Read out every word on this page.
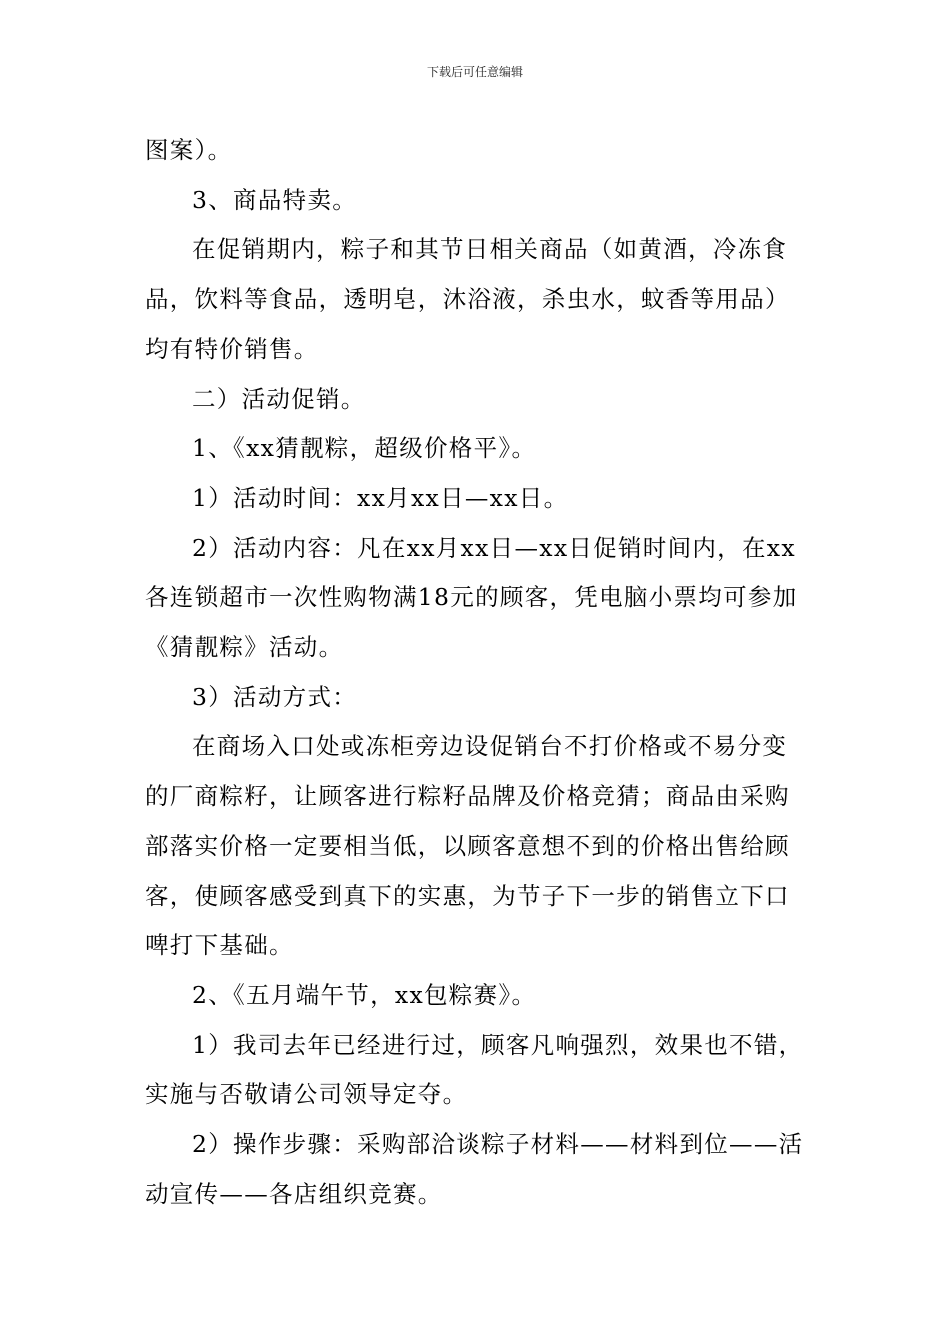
下载后可任意编辑

图案）。

3、商品特卖。

在促销期内，粽子和其节日相关商品（如黄酒，冷冻食品，饮料等食品，透明皂，沐浴液，杀虫水，蚊香等用品）均有特价销售。

二）活动促销。

1、《xx猜靓粽，超级价格平》。

1）活动时间：xx月xx日—xx日。

2）活动内容：凡在xx月xx日—xx日促销时间内，在xx各连锁超市一次性购物满18元的顾客，凭电脑小票均可参加《猜靓粽》活动。

3）活动方式：

在商场入口处或冻柜旁边设促销台不打价格或不易分变的厂商粽籽，让顾客进行粽籽品牌及价格竞猜；商品由采购部落实价格一定要相当低，以顾客意想不到的价格出售给顾客，使顾客感受到真下的实惠，为节子下一步的销售立下口啤打下基础。

2、《五月端午节，xx包粽赛》。

1）我司去年已经进行过，顾客凡响强烈，效果也不错，实施与否敬请公司领导定夺。

2）操作步骤：采购部洽谈粽子材料——材料到位——活动宣传——各店组织竞赛。
